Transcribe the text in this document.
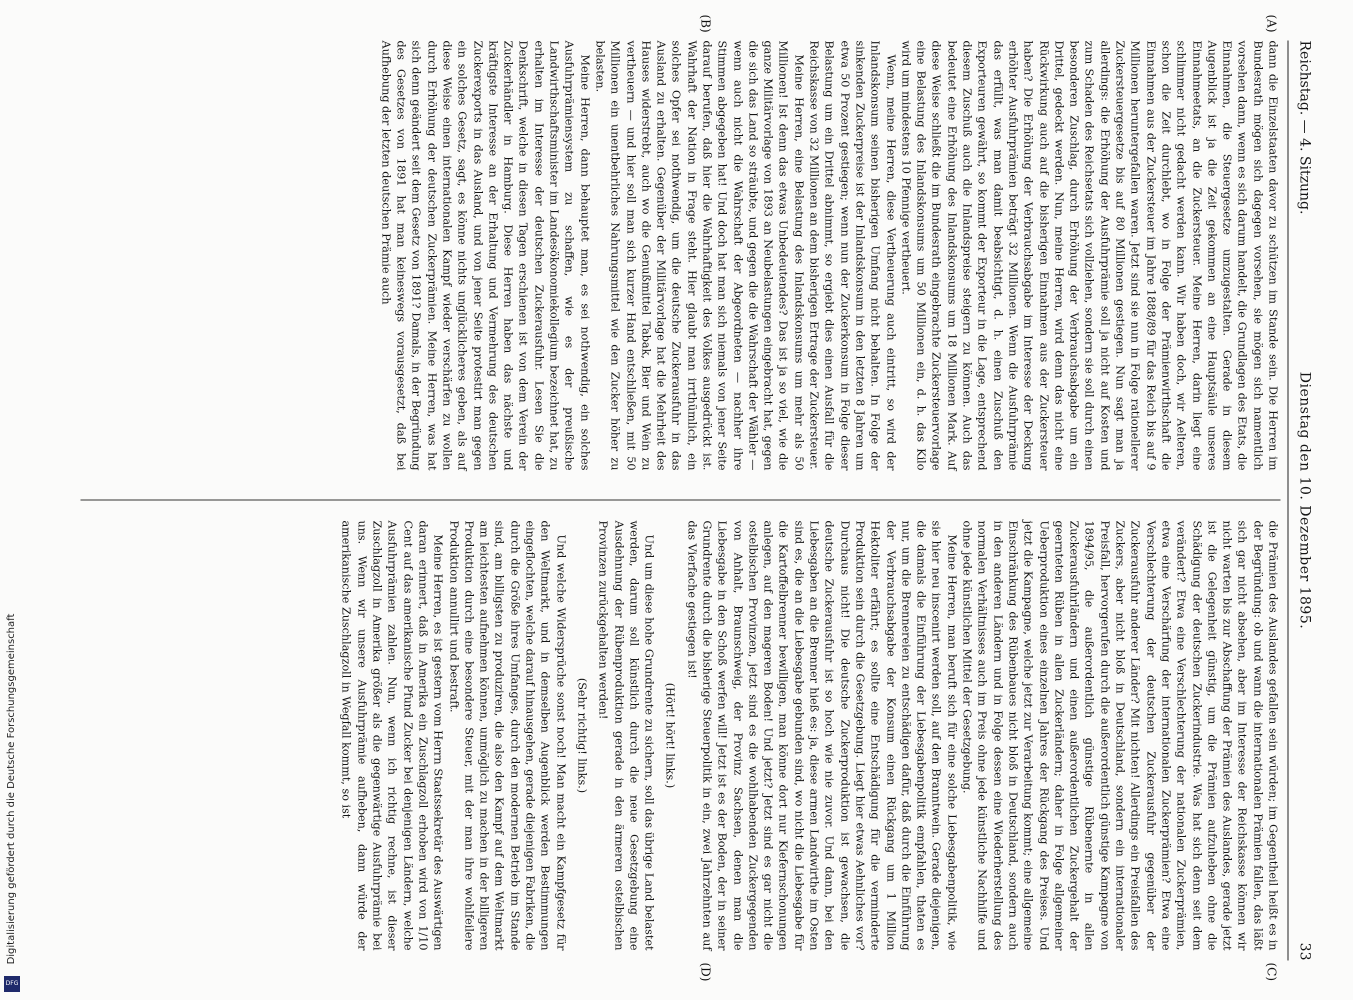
Reichstag. — 4. Sitzung.
Dienstag den 10. Dezember 1895.
33
(A)
(B)
(C)
(D)

dann die Einzelstaaten davor zu schützen im Stande sein. Die Herren im Bundesrath mögen sich dagegen vorsehen, sie mögen sich namentlich vorsehen dann, wenn es sich darum handelt, die Grundlagen des Etats, die Einnahmen, die Steuergesetze umzugestalten. Gerade in diesem Augenblick ist ja die Zeit gekommen an eine Hauptsäule unseres Einnahmeetats, an die Zuckersteuer. Meine Herren, darin liegt eine schlimmer nicht gedacht werden kann. Wir haben doch, wir Aelteren, schon die Zeit durchlebt, wo in Folge der Prämienwirthschaft die Einnahmen aus der Zuckersteuer im Jahre 1888/89 für das Reich bis auf 9 Millionen heruntergefallen waren. Jetzt sind sie nun in Folge rationellerer Zuckersteuergesetze bis auf 80 Millionen gestiegen. Nun sagt man ja allerdings: die Erhöhung der Ausfuhrprämie soll ja nicht auf Kosten und zum Schaden des Reichsetats sich vollziehen, sondern sie soll durch einen besonderen Zuschlag, durch Erhöhung der Verbrauchsabgabe um ein Drittel, gedeckt werden. Nun, meine Herren, wird denn das nicht eine Rückwirkung auch auf die bisherigen Einnahmen aus der Zuckersteuer haben? Die Erhöhung der Verbrauchsabgabe im Interesse der Deckung erhöhter Ausfuhrprämien beträgt 32 Millionen. Wenn die Ausfuhrprämie das erfüllt, was man damit beabsichtigt, d. h. einen Zuschuß den Exporteuren gewährt, so kommt der Exporteur in die Lage, entsprechend diesem Zuschuß auch die Inlandspreise steigern zu können. Auch das bedeutet eine Erhöhung des Inlandskonsums um 18 Millionen Mark. Auf diese Weise schließt die im Bundesrath eingebrachte Zuckersteuervorlage eine Belastung des Inlandskonsums um 50 Millionen ein, d. h. das Kilo wird um mindestens 10 Pfennige vertheuert.

Wenn, meine Herren, diese Vertheuerung auch eintritt, so wird der Inlandskonsum seinen bisherigen Umfang nicht behalten. In Folge der sinkenden Zuckerpreise ist der Inlandskonsum in den letzten 8 Jahren um etwa 50 Prozent gestiegen; wenn nun der Zuckerkonsum in Folge dieser Belastung um ein Drittel abnimmt, so ergiebt dies einen Ausfall für die Reichskasse von 32 Millionen an dem bisherigen Ertrage der Zuckersteuer.

Meine Herren, eine Belastung des Inlandskonsums um mehr als 50 Millionen! Ist denn das etwas Unbedeutendes? Das ist ja so viel, wie die ganze Militärvorlage von 1893 an Neubelastungen eingebracht hat, gegen die sich das Land so sträubte, und gegen die die Wahrschaft der Wähler — wenn auch nicht die Wahrschaft der Abgeordneten — nachher ihre Stimmen abgegeben hat! Und doch hat man sich niemals von jener Seite darauf berufen, daß hier die Wahrhaftigkeit des Volkes ausgedrückt ist. Wahrhaft der Nation in Frage steht. Hier glaubt man irrthümlich, ein solches Opfer sei nothwendig, um die deutsche Zuckerausfuhr in das Ausland zu erhalten. Gegenüber der Militärvorlage hat die Mehrheit des Hauses widerstrebt, auch wo die Genußmittel Tabak, Bier und Wein zu vertheuern — und hier soll man sich kurzer Hand entschließen, mit 50 Millionen ein unentbehrliches Nahrungsmittel wie den Zucker höher zu belasten.

Meine Herren, dann behauptet man, es sei nothwendig, ein solches Ausfuhrprämiensystem zu schaffen, wie es der preußische Landwirthschaftsminister im Landesökonomiekollegium bezeichnet hat, zu erhalten im Interesse der deutschen Zuckerausfuhr. Lesen Sie die Denkschrift, welche in diesen Tagen erschienen ist von dem Verein der Zuckerhändler in Hamburg. Diese Herren haben das nächste und kräftigste Interesse an der Erhaltung und Vermehrung des deutschen Zuckerexports in das Ausland, und von jener Seite protestirt man gegen ein solches Gesetz, sagt, es könne nichts unglücklicheres geben, als auf diese Weise einen internationalen Kampf wieder verschärfen zu wollen durch Erhöhung der deutschen Zuckerprämien. Meine Herren, was hat sich denn geändert seit dem Gesetz von 1891? Damals, in der Begründung des Gesetzes von 1891 hat man keineswegs vorausgesetzt, daß bei Aufhebung der letzten deutschen Prämie auch

die Prämien des Auslandes gefallen sein würden; im Gegentheil heißt es in der Begründung: ob und wann die internationalen Prämien fallen, das läßt sich gar nicht absehen, aber im Interesse der Reichskasse können wir nicht warten bis zur Abschaffung der Prämien des Auslandes, gerade jetzt ist die Gelegenheit günstig, um die Prämien aufzuheben ohne die Schädigung der deutschen Zuckerindustrie. Was hat sich denn seit dem verändert? Etwa eine Verschlechterung der nationalen Zuckerprämien, etwa eine Verschärfung der internationalen Zuckerprämien? Etwa eine Verschlechterung der deutschen Zuckerausfuhr gegenüber der Zuckerausfuhr anderer Länder? Mit nichten! Allerdings ein Preisfallen des Zuckers, aber nicht bloß in Deutschland, sondern ein internationaler Preisfall, hervorgerufen durch die außerordentlich günstige Kampagne von 1894/95, die außerordentlich günstige Rübenernte in allen Zuckerausfuhrländern und einen außerordentlichen Zuckergehalt der geernteten Rüben in allen Zuckerländern; daher in Folge allgemeiner Ueberproduktion eines einzelnen Jahres der Rückgang des Preises. Und jetzt die Kampagne, welche jetzt zur Verarbeitung kommt; eine allgemeine Einschränkung des Rübenbaues nicht bloß in Deutschland, sondern auch in den anderen Ländern und in Folge dessen eine Wiederherstellung des normalen Verhältnisses auch im Preis ohne jede künstliche Nachhilfe und ohne jede künstlichen Mittel der Gesetzgebung.

Meine Herren, man beruft sich für eine solche Liebesgabenpolitik, wie sie hier neu inscenirt werden soll, auf den Branntwein. Gerade diejenigen, die damals die Einführung der Liebesgabenpolitik empfahlen, thaten es nur, um die Brennereien zu entschädigen dafür, daß durch die Einführung der Verbrauchsabgabe der Konsum einen Rückgang um 1 Million Hektoliter erfährt; es sollte eine Entschädigung für die verminderte Produktion sein durch die Gesetzgebung. Liegt hier etwas Aehnliches vor? Durchaus nicht! Die deutsche Zuckerproduktion ist gewachsen, die deutsche Zuckerausfuhr ist so hoch wie nie zuvor. Und dann, bei den Liebesgaben an die Brenner hieß es: ja, diese armen Landwirthe im Osten sind es, die an die Liebesgabe gebunden sind, wo nicht die Liebesgabe für die Kartoffelbrenner bewilligen, man könne dort nur Kiefernschonungen anlegen, auf den mageren Boden! Und jetzt? Jetzt sind es gar nicht die ostelbischen Provinzen, jetzt sind es die wohlhabenden Zuckergegenden von Anhalt, Braunschweig, der Provinz Sachsen, denen man die Liebesgabe in den Schoß werfen will! Jetzt ist es der Boden, der in seiner Grundrente durch die bisherige Steuerpolitik in ein, zwei Jahrzehnten auf das Vierfache gestiegen ist!

(Hört! hört! links.)

Und um diese hohe Grundrente zu sichern, soll das übrige Land belastet werden, darum soll künstlich durch die neue Gesetzgebung eine Ausdehnung der Rübenproduktion gerade in den ärmeren ostelbischen Provinzen zurückgehalten werden!

(Sehr richtig! links.)

Und welche Widersprüche sonst noch! Man macht ein Kampfgesetz für den Weltmarkt, und in demselben Augenblick werden Bestimmungen eingeflochten, welche darauf hinausgehen, gerade diejenigen Fabriken, die durch die Größe ihres Umfanges, durch den modernen Betrieb im Stande sind, am billigsten zu produziren, die also den Kampf auf dem Weltmarkt am leichtesten aufnehmen können, unmöglich zu machen in der billigeren Produktion durch eine besondere Steuer, mit der man ihre wohlfeilere Produktion annullirt und bestraft.

Meine Herren, es ist gestern vom Herrn Staatssekretär des Auswärtigen daran erinnert, daß in Amerika ein Zuschlagzoll erhoben wird von 1/10 Cent auf das amerikanische Pfund Zucker bei denjenigen Ländern, welche Ausfuhrprämien zahlen. Nun, wenn ich richtig rechne, ist dieser Zuschlagzoll in Amerika größer als die gegenwärtige Ausfuhrprämie bei uns. Wenn wir unsere Ausfuhrprämie aufheben, dann würde der amerikanische Zuschlagzoll in Wegfall kommt, so ist

Digitalisierung gefördert durch die Deutsche Forschungsgemeinschaft
DFG
